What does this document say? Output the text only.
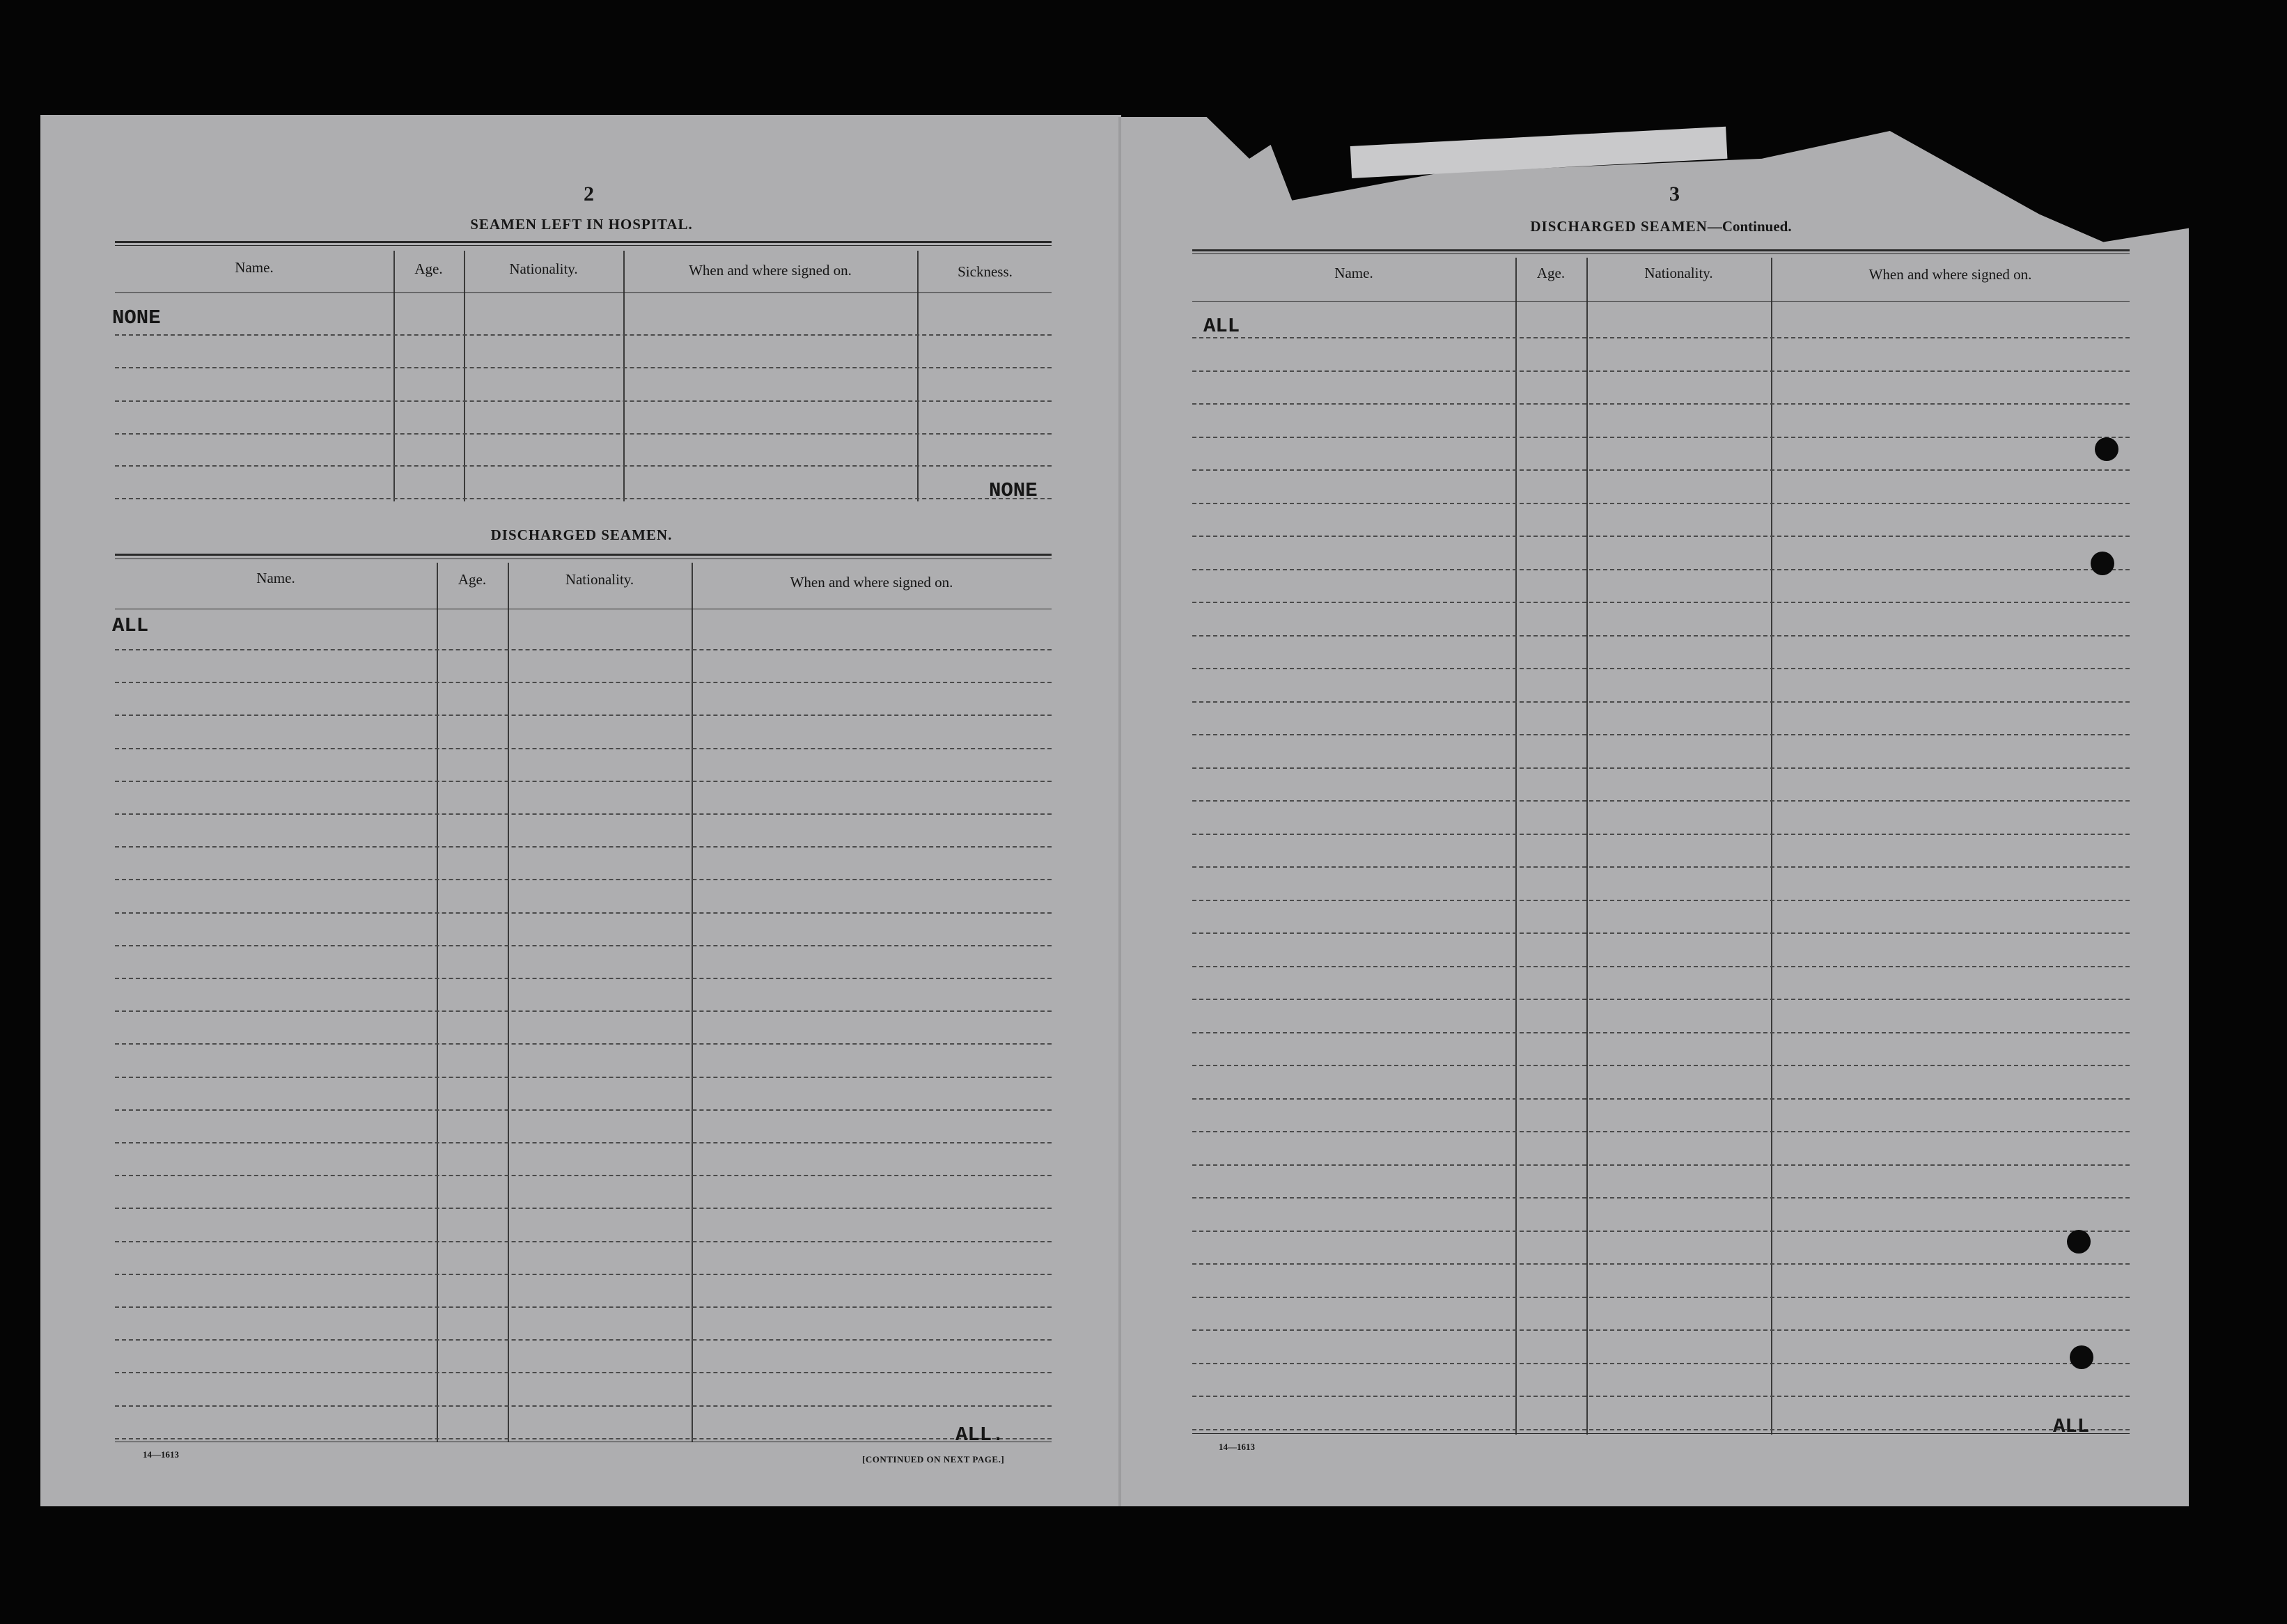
2
SEAMEN LEFT IN HOSPITAL.
Name.	Age.	Nationality.	When and where signed on.	Sickness.
NONE
NONE
DISCHARGED SEAMEN.
Name.	Age.	Nationality.	When and where signed on.
ALL
ALL.
14—1613	[CONTINUED ON NEXT PAGE.]
3
DISCHARGED SEAMEN—Continued.
Name.	Age.	Nationality.	When and where signed on.
ALL
ALL
14—1613
